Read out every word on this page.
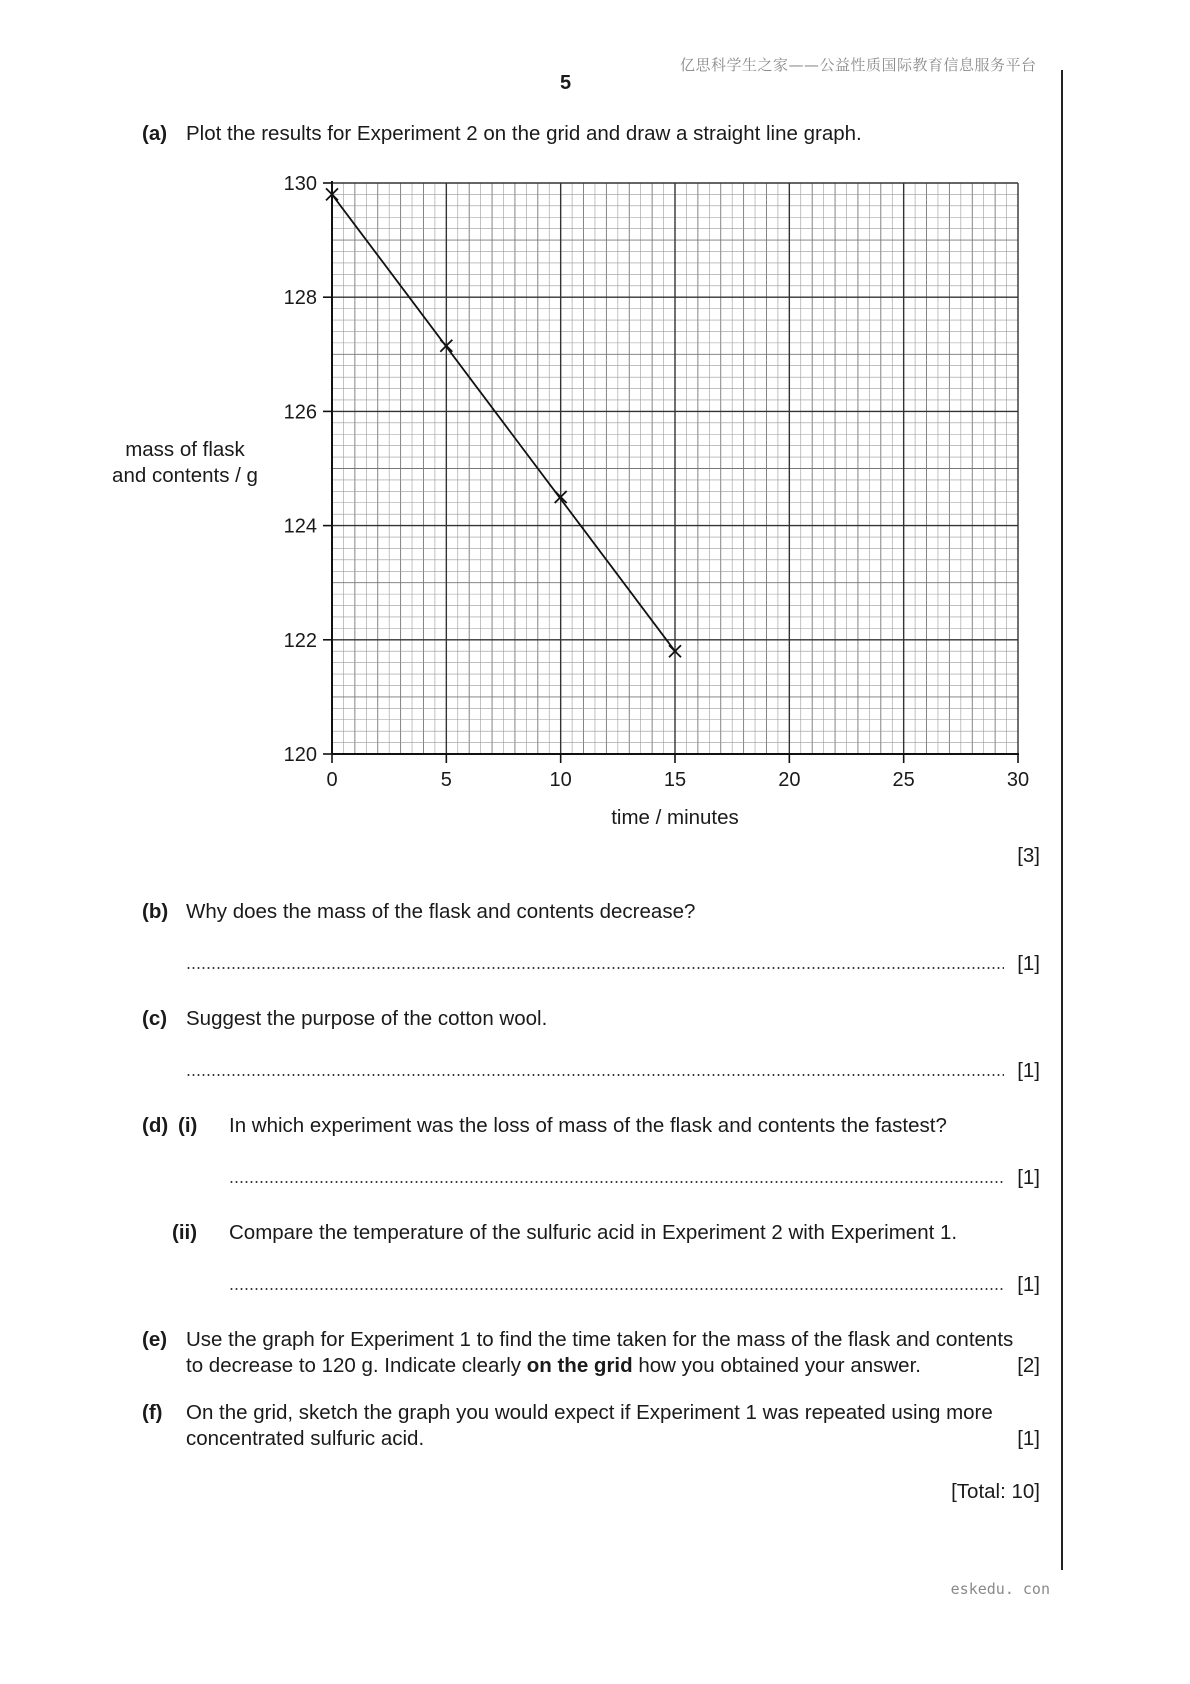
亿思科学生之家——公益性质国际教育信息服务平台
5
(a) Plot the results for Experiment 2 on the grid and draw a straight line graph.
mass of flask and contents / g
120
122
124
126
128
130
0	5	10	15	20	25	30
time / minutes
[3]
(b) Why does the mass of the flask and contents decrease?
[1]
(c) Suggest the purpose of the cotton wool.
[1]
(d) (i) In which experiment was the loss of mass of the flask and contents the fastest?
[1]
(ii) Compare the temperature of the sulfuric acid in Experiment 2 with Experiment 1.
[1]
(e) Use the graph for Experiment 1 to find the time taken for the mass of the flask and contents
to decrease to 120 g. Indicate clearly on the grid how you obtained your answer.	[2]
(f) On the grid, sketch the graph you would expect if Experiment 1 was repeated using more
concentrated sulfuric acid.	[1]
[Total: 10]
eskedu. con
